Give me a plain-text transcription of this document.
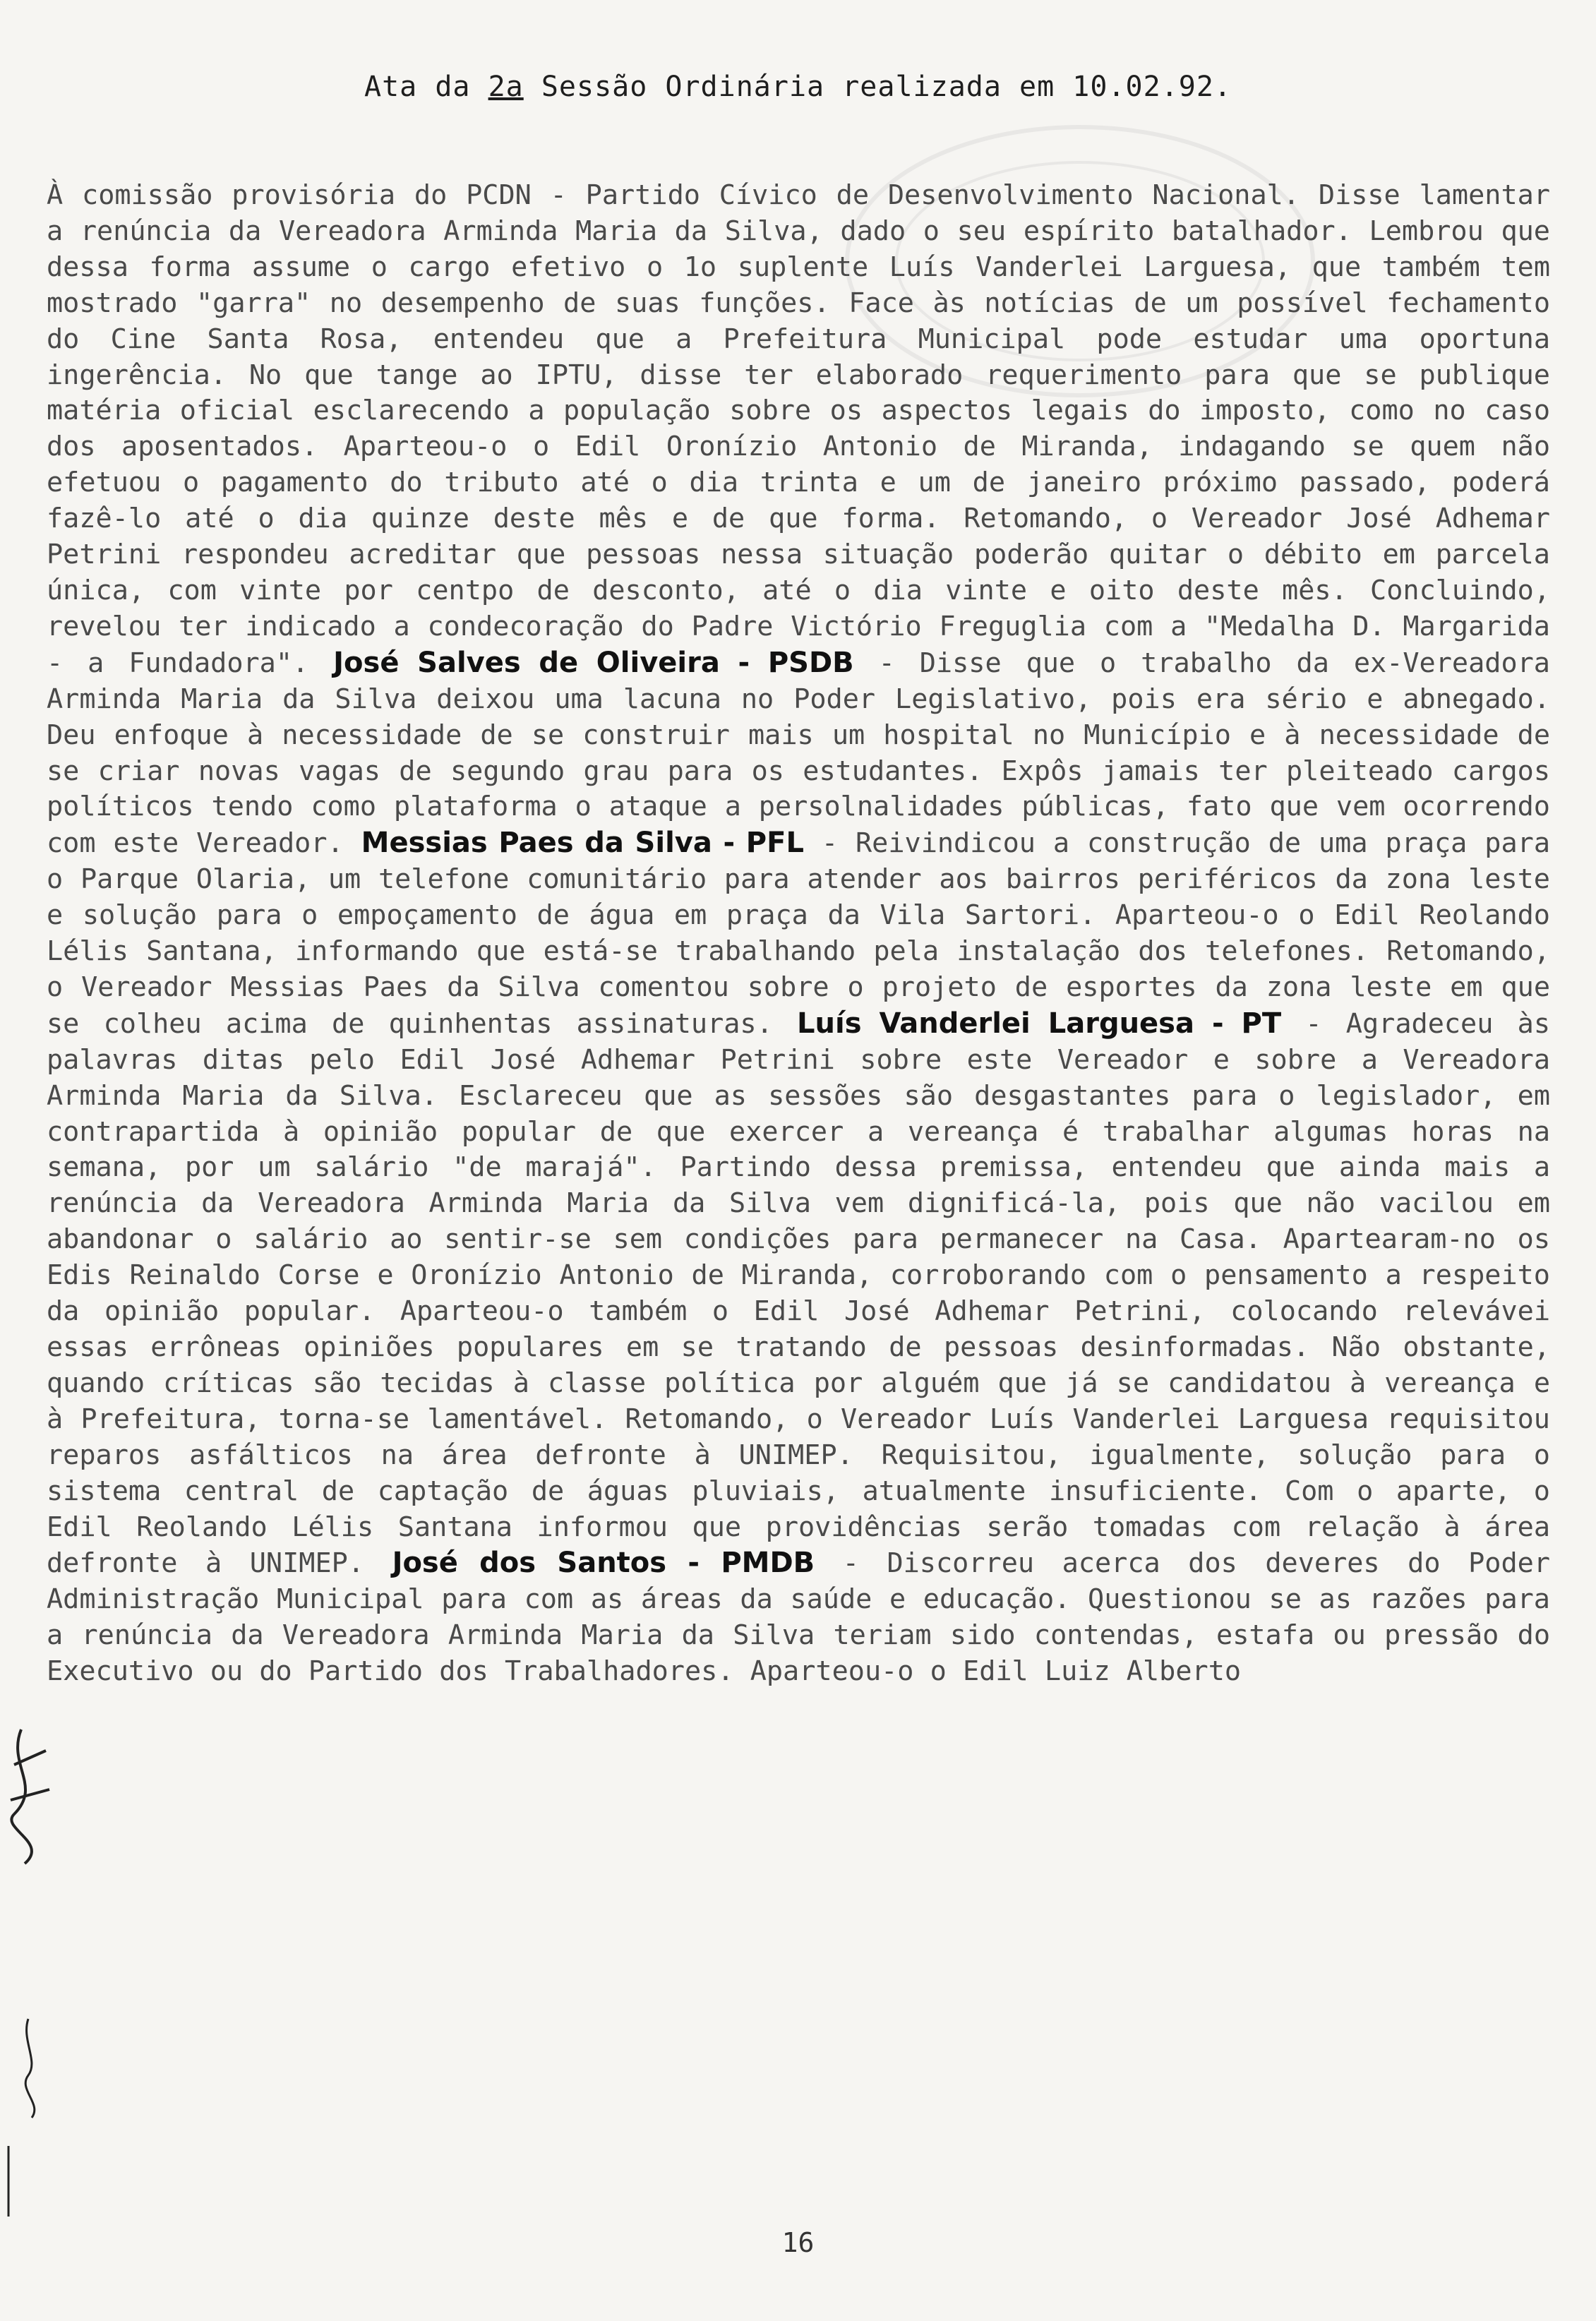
Ata da 2a Sessão Ordinária realizada em 10.02.92.

À comissão provisória do PCDN - Partido Cívico de Desenvolvimento Nacional. Disse lamentar a renúncia da Vereadora Arminda Maria da Silva, dado o seu espírito batalhador. Lembrou que dessa forma assume o cargo efetivo o 1o suplente Luís Vanderlei Larguesa, que também tem mostrado "garra" no desempenho de suas funções. Face às notícias de um possível fechamento do Cine Santa Rosa, entendeu que a Prefeitura Municipal pode estudar uma oportuna ingerência. No que tange ao IPTU, disse ter elaborado requerimento para que se publique matéria oficial esclarecendo a população sobre os aspectos legais do imposto, como no caso dos aposentados. Aparteou-o o Edil Oronízio Antonio de Miranda, indagando se quem não efetuou o pagamento do tributo até o dia trinta e um de janeiro próximo passado, poderá fazê-lo até o dia quinze deste mês e de que forma. Retomando, o Vereador José Adhemar Petrini respondeu acreditar que pessoas nessa situação poderão quitar o débito em parcela única, com vinte por centpo de desconto, até o dia vinte e oito deste mês. Concluindo, revelou ter indicado a condecoração do Padre Victório Freguglia com a "Medalha D. Margarida - a Fundadora". José Salves de Oliveira - PSDB - Disse que o trabalho da ex-Vereadora Arminda Maria da Silva deixou uma lacuna no Poder Legislativo, pois era sério e abnegado. Deu enfoque à necessidade de se construir mais um hospital no Município e à necessidade de se criar novas vagas de segundo grau para os estudantes. Expôs jamais ter pleiteado cargos políticos tendo como plataforma o ataque a persolnalidades públicas, fato que vem ocorrendo com este Vereador. Messias Paes da Silva - PFL - Reivindicou a construção de uma praça para o Parque Olaria, um telefone comunitário para atender aos bairros periféricos da zona leste e solução para o empoçamento de água em praça da Vila Sartori. Aparteou-o o Edil Reolando Lélis Santana, informando que está-se trabalhando pela instalação dos telefones. Retomando, o Vereador Messias Paes da Silva comentou sobre o projeto de esportes da zona leste em que se colheu acima de quinhentas assinaturas. Luís Vanderlei Larguesa - PT - Agradeceu às palavras ditas pelo Edil José Adhemar Petrini sobre este Vereador e sobre a Vereadora Arminda Maria da Silva. Esclareceu que as sessões são desgastantes para o legislador, em contrapartida à opinião popular de que exercer a vereança é trabalhar algumas horas na semana, por um salário "de marajá". Partindo dessa premissa, entendeu que ainda mais a renúncia da Vereadora Arminda Maria da Silva vem dignificá-la, pois que não vacilou em abandonar o salário ao sentir-se sem condições para permanecer na Casa. Apartearam-no os Edis Reinaldo Corse e Oronízio Antonio de Miranda, corroborando com o pensamento a respeito da opinião popular. Aparteou-o também o Edil José Adhemar Petrini, colocando relevávei essas errôneas opiniões populares em se tratando de pessoas desinformadas. Não obstante, quando críticas são tecidas à classe política por alguém que já se candidatou à vereança e à Prefeitura, torna-se lamentável. Retomando, o Vereador Luís Vanderlei Larguesa requisitou reparos asfálticos na área defronte à UNIMEP. Requisitou, igualmente, solução para o sistema central de captação de águas pluviais, atualmente insuficiente. Com o aparte, o Edil Reolando Lélis Santana informou que providências serão tomadas com relação à área defronte à UNIMEP. José dos Santos - PMDB - Discorreu acerca dos deveres do Poder Administração Municipal para com as áreas da saúde e educação. Questionou se as razões para a renúncia da Vereadora Arminda Maria da Silva teriam sido contendas, estafa ou pressão do Executivo ou do Partido dos Trabalhadores. Aparteou-o o Edil Luiz Alberto

16
